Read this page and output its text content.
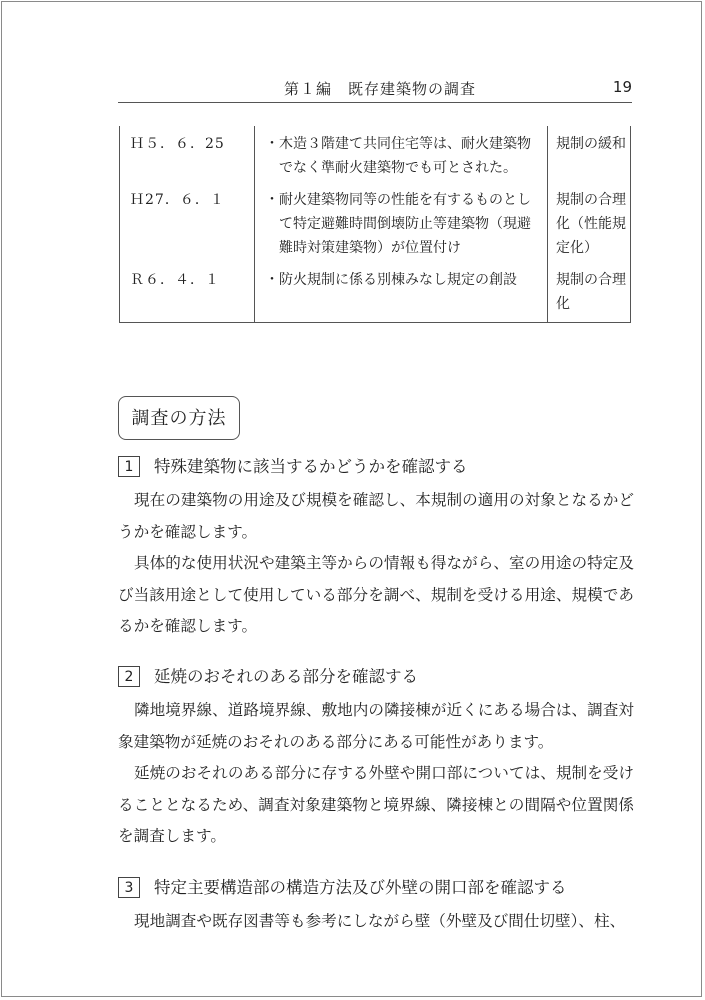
第１編　既存建築物の調査	19
Ｈ５．６．25	・木造３階建て共同住宅等は、耐火建築物でなく準耐火建築物でも可とされた。	規制の緩和
Ｈ27．６．１	・耐火建築物同等の性能を有するものとして特定避難時間倒壊防止等建築物（現避難時対策建築物）が位置付け	規制の合理化（性能規定化）
Ｒ６．４．１	・防火規制に係る別棟みなし規定の創設	規制の合理化
調査の方法
1	特殊建築物に該当するかどうかを確認する

現在の建築物の用途及び規模を確認し、本規制の適用の対象となるかどうかを確認します。

具体的な使用状況や建築主等からの情報も得ながら、室の用途の特定及び当該用途として使用している部分を調べ、規制を受ける用途、規模であるかを確認します。

2	延焼のおそれのある部分を確認する

隣地境界線、道路境界線、敷地内の隣接棟が近くにある場合は、調査対象建築物が延焼のおそれのある部分にある可能性があります。

延焼のおそれのある部分に存する外壁や開口部については、規制を受けることとなるため、調査対象建築物と境界線、隣接棟との間隔や位置関係を調査します。

3	特定主要構造部の構造方法及び外壁の開口部を確認する

現地調査や既存図書等も参考にしながら壁（外壁及び間仕切壁）、柱、
